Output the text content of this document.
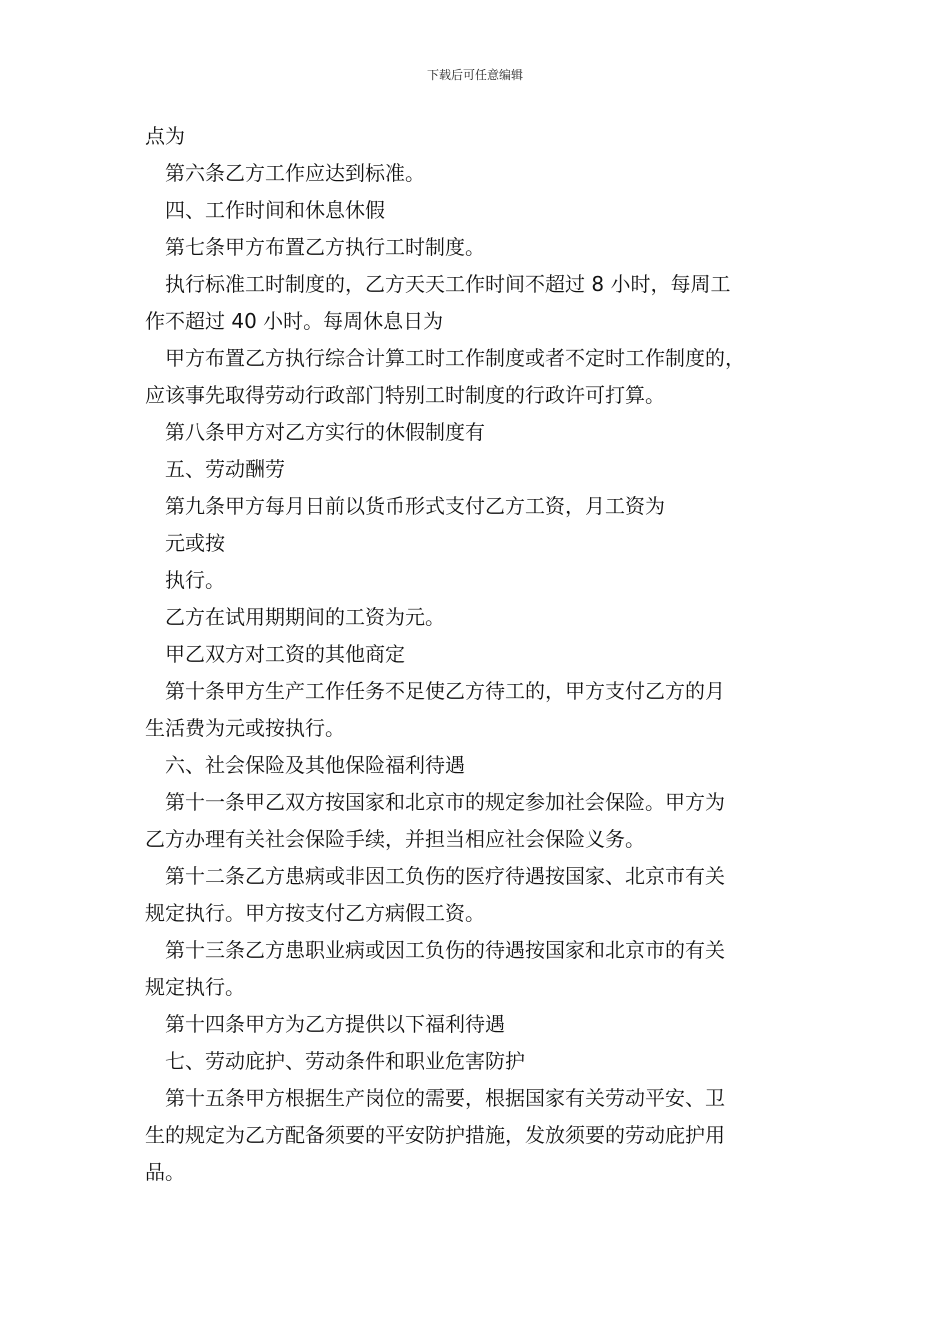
下载后可任意编辑
点为
第六条乙方工作应达到标准。
四、工作时间和休息休假
第七条甲方布置乙方执行工时制度。
执行标准工时制度的，乙方天天工作时间不超过 8 小时，每周工
作不超过 40 小时。每周休息日为
甲方布置乙方执行综合计算工时工作制度或者不定时工作制度的，
应该事先取得劳动行政部门特别工时制度的行政许可打算。
第八条甲方对乙方实行的休假制度有
五、劳动酬劳
第九条甲方每月日前以货币形式支付乙方工资，月工资为
元或按
执行。
乙方在试用期期间的工资为元。
甲乙双方对工资的其他商定
第十条甲方生产工作任务不足使乙方待工的，甲方支付乙方的月
生活费为元或按执行。
六、社会保险及其他保险福利待遇
第十一条甲乙双方按国家和北京市的规定参加社会保险。甲方为
乙方办理有关社会保险手续，并担当相应社会保险义务。
第十二条乙方患病或非因工负伤的医疗待遇按国家、北京市有关
规定执行。甲方按支付乙方病假工资。
第十三条乙方患职业病或因工负伤的待遇按国家和北京市的有关
规定执行。
第十四条甲方为乙方提供以下福利待遇
七、劳动庇护、劳动条件和职业危害防护
第十五条甲方根据生产岗位的需要，根据国家有关劳动平安、卫
生的规定为乙方配备须要的平安防护措施，发放须要的劳动庇护用
品。
